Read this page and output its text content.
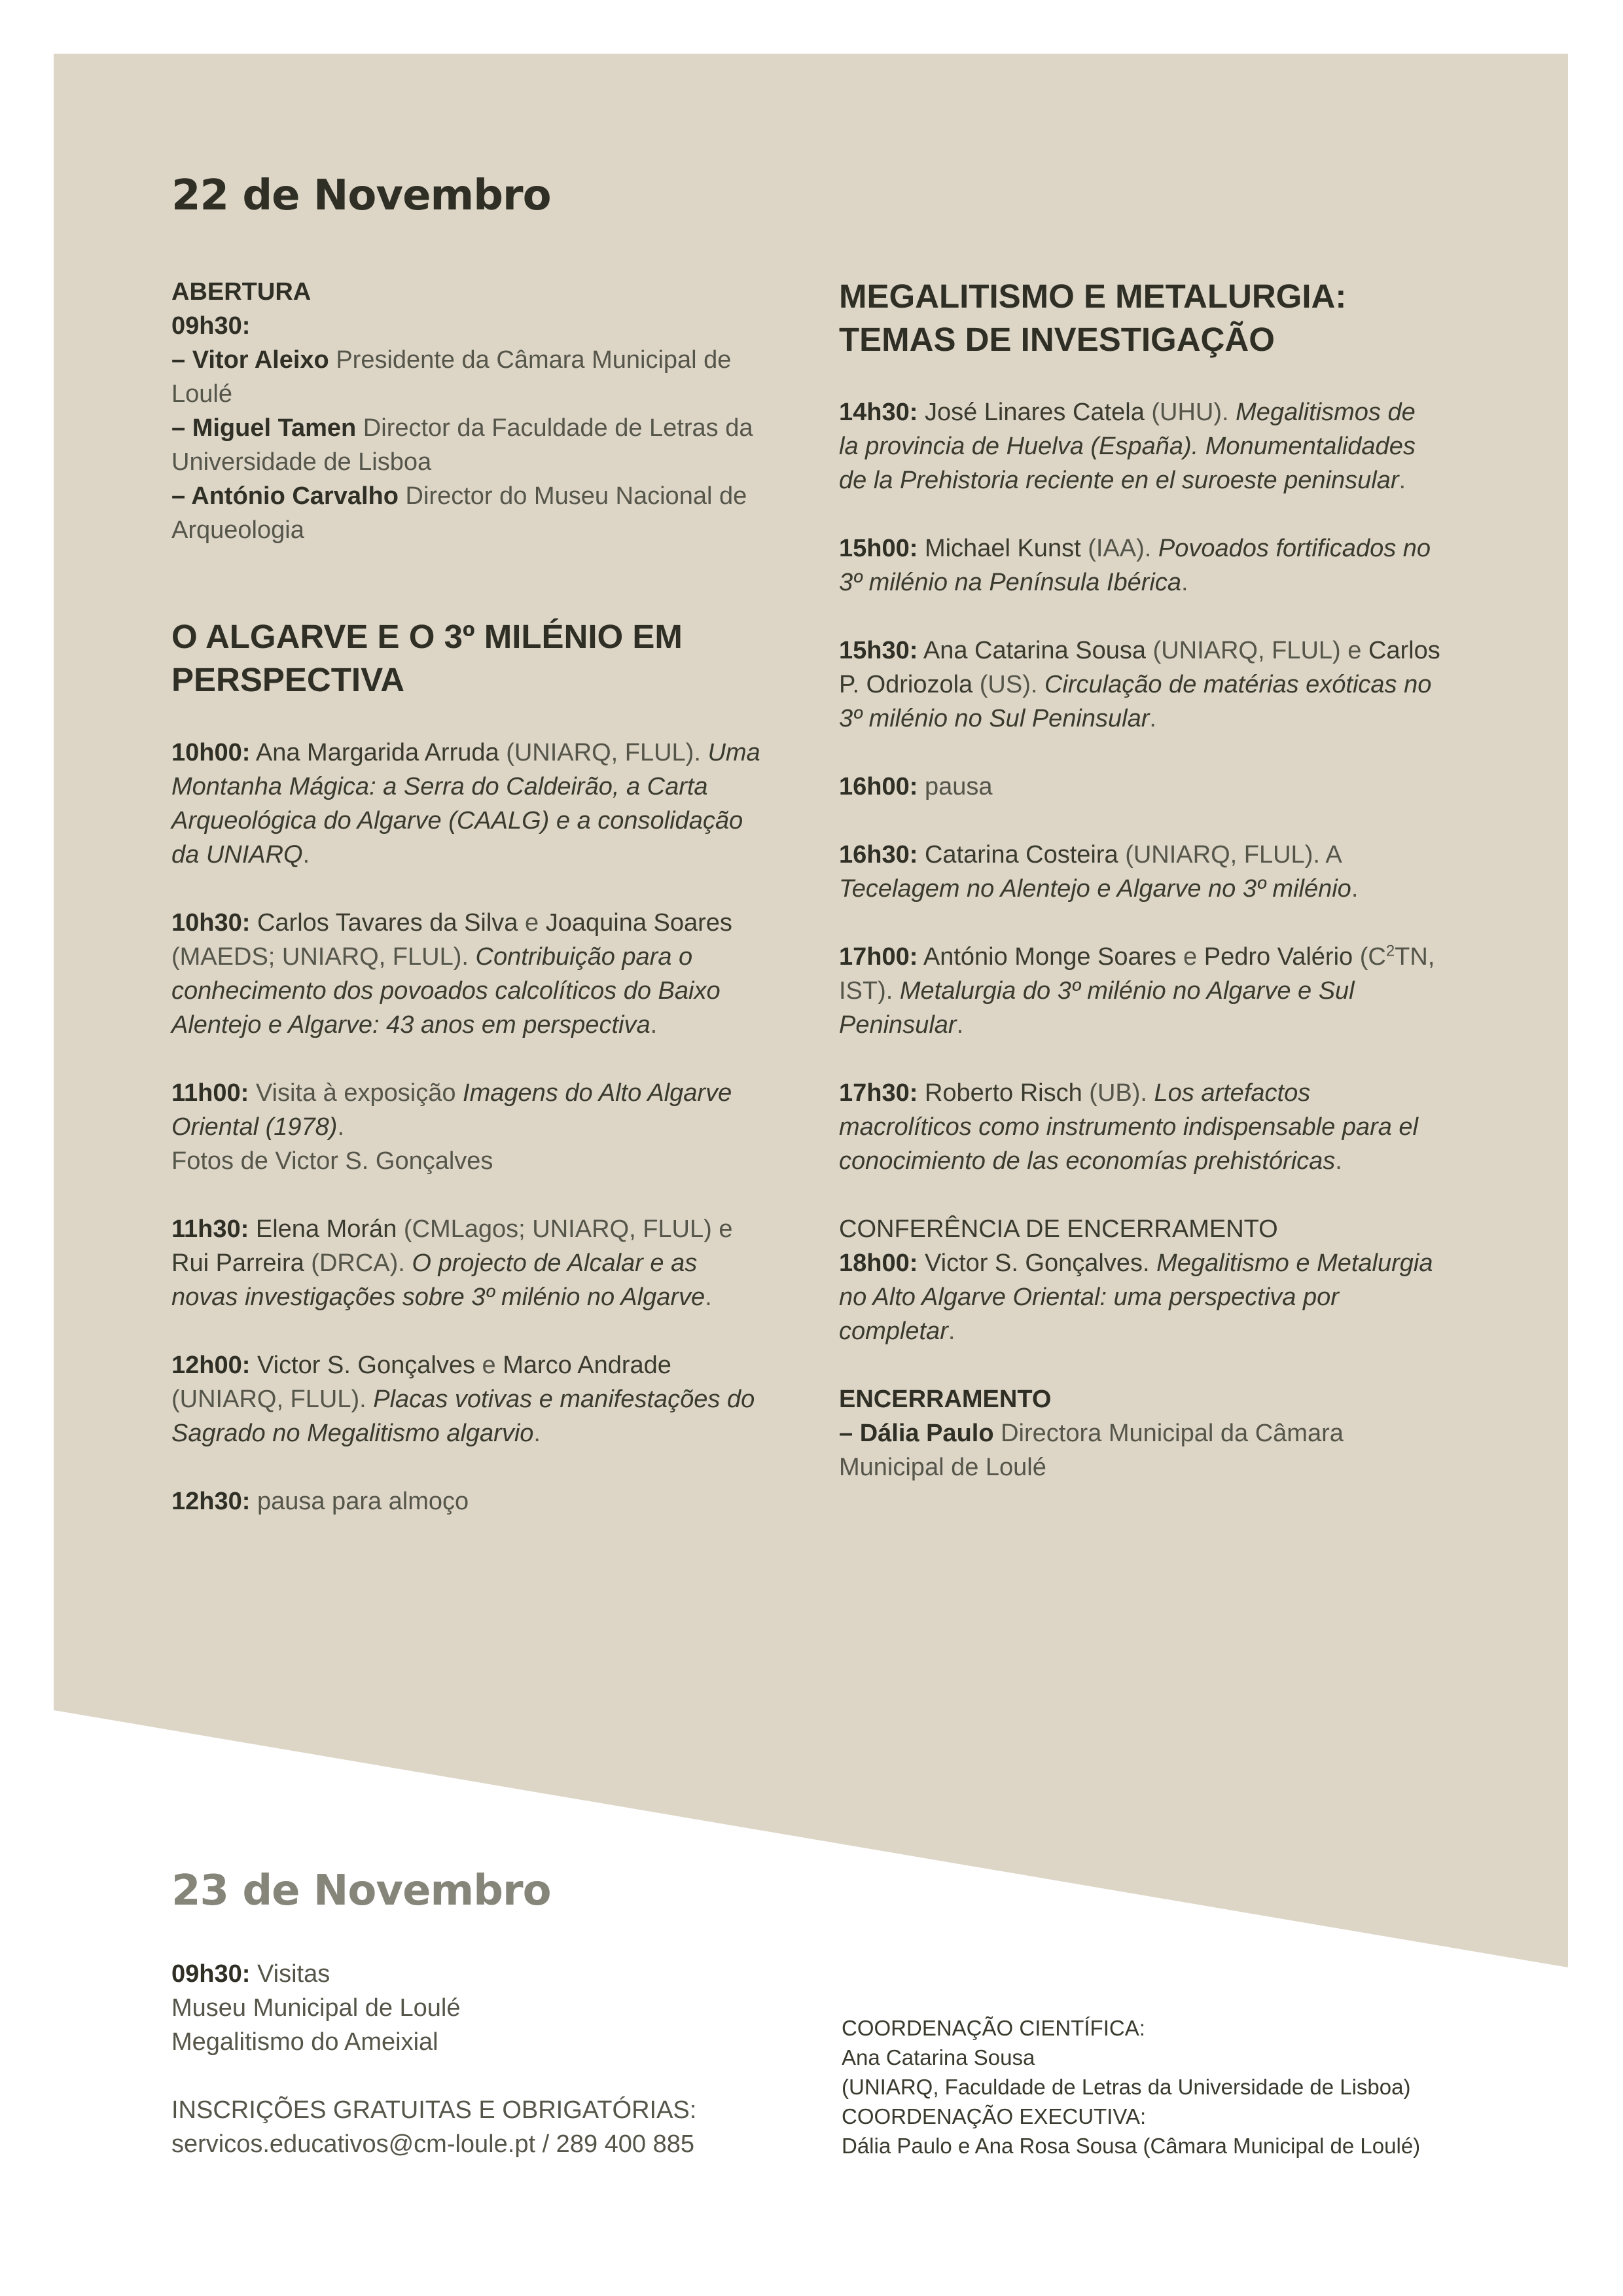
22 de Novembro
ABERTURA
09h30:
– Vitor Aleixo Presidente da Câmara Municipal de Loulé
– Miguel Tamen Director da Faculdade de Letras da Universidade de Lisboa
– António Carvalho Director do Museu Nacional de Arqueologia
O ALGARVE E O 3º MILÉNIO EM PERSPECTIVA
10h00: Ana Margarida Arruda (UNIARQ, FLUL). Uma Montanha Mágica: a Serra do Caldeirão, a Carta Arqueológica do Algarve (CAALG) e a consolidação da UNIARQ.
10h30: Carlos Tavares da Silva e Joaquina Soares (MAEDS; UNIARQ, FLUL). Contribuição para o conhecimento dos povoados calcolíticos do Baixo Alentejo e Algarve: 43 anos em perspectiva.
11h00: Visita à exposição Imagens do Alto Algarve Oriental (1978).
Fotos de Victor S. Gonçalves
11h30: Elena Morán (CMLagos; UNIARQ, FLUL) e Rui Parreira (DRCA). O projecto de Alcalar e as novas investigações sobre 3º milénio no Algarve.
12h00: Victor S. Gonçalves e Marco Andrade (UNIARQ, FLUL). Placas votivas e manifestações do Sagrado no Megalitismo algarvio.
12h30: pausa para almoço
MEGALITISMO E METALURGIA: TEMAS DE INVESTIGAÇÃO
14h30: José Linares Catela (UHU). Megalitismos de la provincia de Huelva (España). Monumentalidades de la Prehistoria reciente en el suroeste peninsular.
15h00: Michael Kunst (IAA). Povoados fortificados no 3º milénio na Península Ibérica.
15h30: Ana Catarina Sousa (UNIARQ, FLUL) e Carlos P. Odriozola (US). Circulação de matérias exóticas no 3º milénio no Sul Peninsular.
16h00: pausa
16h30: Catarina Costeira (UNIARQ, FLUL). A Tecelagem no Alentejo e Algarve no 3º milénio.
17h00: António Monge Soares e Pedro Valério ($C^2TN$, IST). Metalurgia do 3º milénio no Algarve e Sul Peninsular.
17h30: Roberto Risch (UB). Los artefactos macrolíticos como instrumento indispensable para el conocimiento de las economías prehistóricas.
CONFERÊNCIA DE ENCERRAMENTO
18h00: Victor S. Gonçalves. Megalitismo e Metalurgia no Alto Algarve Oriental: uma perspectiva por completar.
ENCERRAMENTO
– Dália Paulo Directora Municipal da Câmara Municipal de Loulé
23 de Novembro
09h30: Visitas
Museu Municipal de Loulé
Megalitismo do Ameixial
INSCRIÇÕES GRATUITAS E OBRIGATÓRIAS:
servicos.educativos@cm-loule.pt / 289 400 885
COORDENAÇÃO CIENTÍFICA:
Ana Catarina Sousa
(UNIARQ, Faculdade de Letras da Universidade de Lisboa)
COORDENAÇÃO EXECUTIVA:
Dália Paulo e Ana Rosa Sousa (Câmara Municipal de Loulé)
